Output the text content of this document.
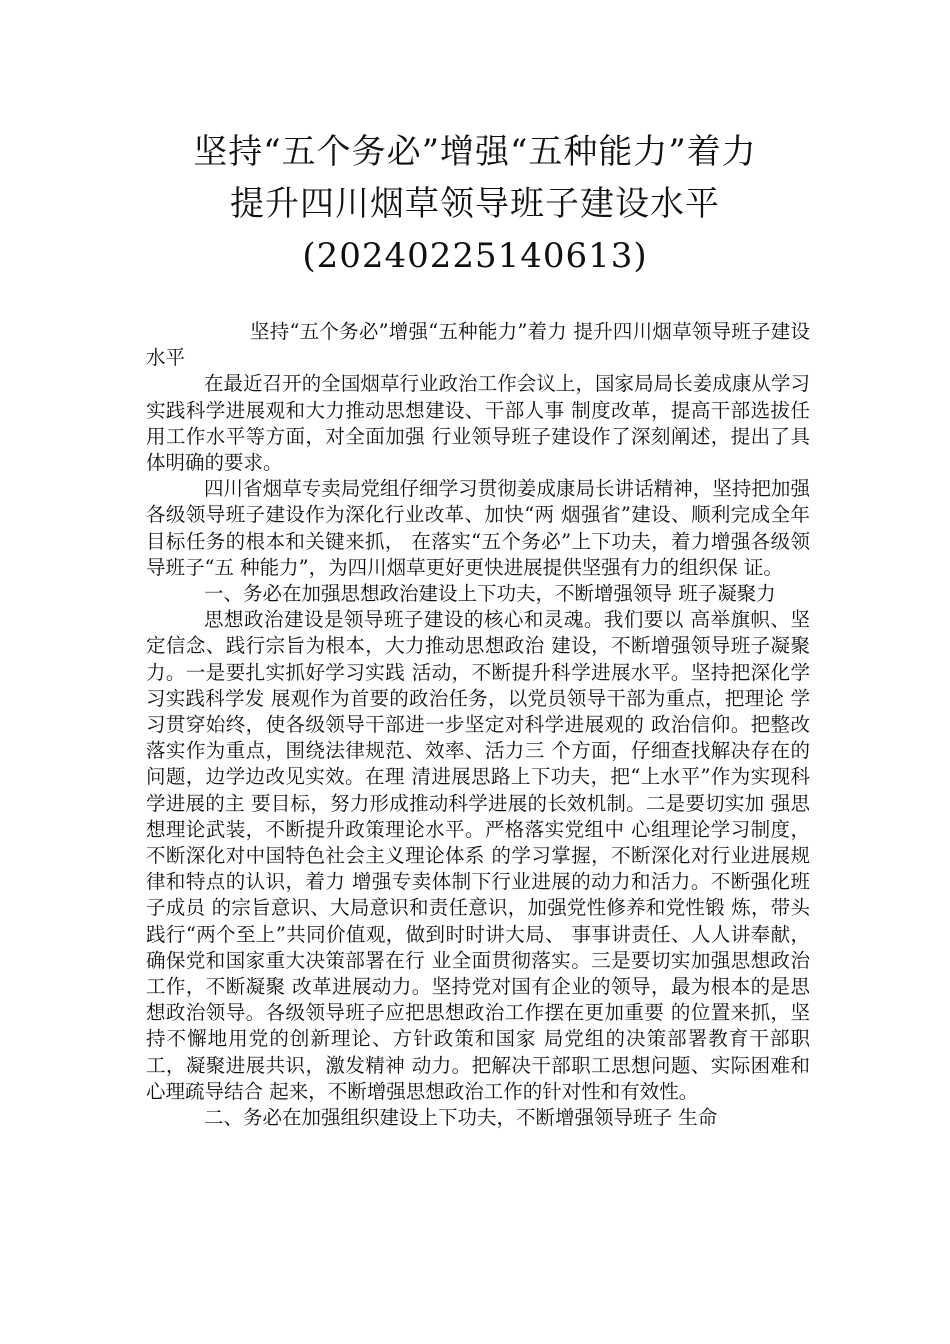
坚持“五个务必”增强“五种能力”着力
提升四川烟草领导班子建设水平
(20240225140613)

坚持“五个务必”增强“五种能力”着力 提升四川烟草领导班子建设水平

在最近召开的全国烟草行业政治工作会议上，国家局局长姜成康从学习实践科学进展观和大力推动思想建设、干部人事 制度改革，提高干部选拔任用工作水平等方面，对全面加强 行业领导班子建设作了深刻阐述，提出了具体明确的要求。

四川省烟草专卖局党组仔细学习贯彻姜成康局长讲话精神，坚持把加强各级领导班子建设作为深化行业改革、加快“两 烟强省”建设、顺利完成全年目标任务的根本和关键来抓， 在落实“五个务必”上下功夫，着力增强各级领导班子“五 种能力”，为四川烟草更好更快进展提供坚强有力的组织保 证。

一、务必在加强思想政治建设上下功夫，不断增强领导 班子凝聚力

思想政治建设是领导班子建设的核心和灵魂。我们要以 高举旗帜、坚定信念、践行宗旨为根本，大力推动思想政治 建设，不断增强领导班子凝聚力。一是要扎实抓好学习实践 活动，不断提升科学进展水平。坚持把深化学习实践科学发 展观作为首要的政治任务，以党员领导干部为重点，把理论 学习贯穿始终，使各级领导干部进一步坚定对科学进展观的 政治信仰。把整改落实作为重点，围绕法律规范、效率、活力三 个方面，仔细查找解决存在的问题，边学边改见实效。在理 清进展思路上下功夫，把“上水平”作为实现科学进展的主 要目标，努力形成推动科学进展的长效机制。二是要切实加 强思想理论武装，不断提升政策理论水平。严格落实党组中 心组理论学习制度，不断深化对中国特色社会主义理论体系 的学习掌握，不断深化对行业进展规律和特点的认识，着力 增强专卖体制下行业进展的动力和活力。不断强化班子成员 的宗旨意识、大局意识和责任意识，加强党性修养和党性锻 炼，带头践行“两个至上”共同价值观，做到时时讲大局、 事事讲责任、人人讲奉献，确保党和国家重大决策部署在行 业全面贯彻落实。三是要切实加强思想政治工作，不断凝聚 改革进展动力。坚持党对国有企业的领导，最为根本的是思 想政治领导。各级领导班子应把思想政治工作摆在更加重要 的位置来抓，坚持不懈地用党的创新理论、方针政策和国家 局党组的决策部署教育干部职工，凝聚进展共识，激发精神 动力。把解决干部职工思想问题、实际困难和心理疏导结合 起来，不断增强思想政治工作的针对性和有效性。

二、务必在加强组织建设上下功夫，不断增强领导班子 生命
